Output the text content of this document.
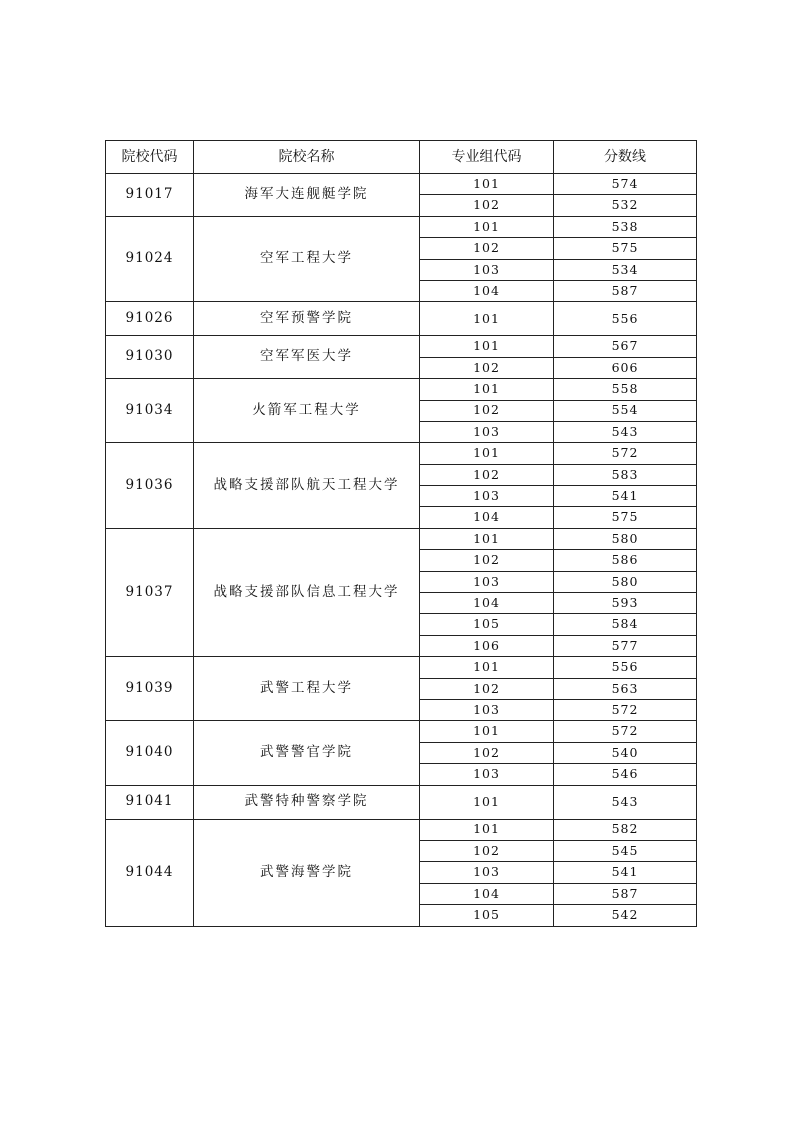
院校代码	院校名称	专业组代码	分数线
91017	海军大连舰艇学院	101	574
		102	532
91024	空军工程大学	101	538
		102	575
		103	534
		104	587
91026	空军预警学院	101	556
91030	空军军医大学	101	567
		102	606
91034	火箭军工程大学	101	558
		102	554
		103	543
91036	战略支援部队航天工程大学	101	572
		102	583
		103	541
		104	575
91037	战略支援部队信息工程大学	101	580
		102	586
		103	580
		104	593
		105	584
		106	577
91039	武警工程大学	101	556
		102	563
		103	572
91040	武警警官学院	101	572
		102	540
		103	546
91041	武警特种警察学院	101	543
91044	武警海警学院	101	582
		102	545
		103	541
		104	587
		105	542
